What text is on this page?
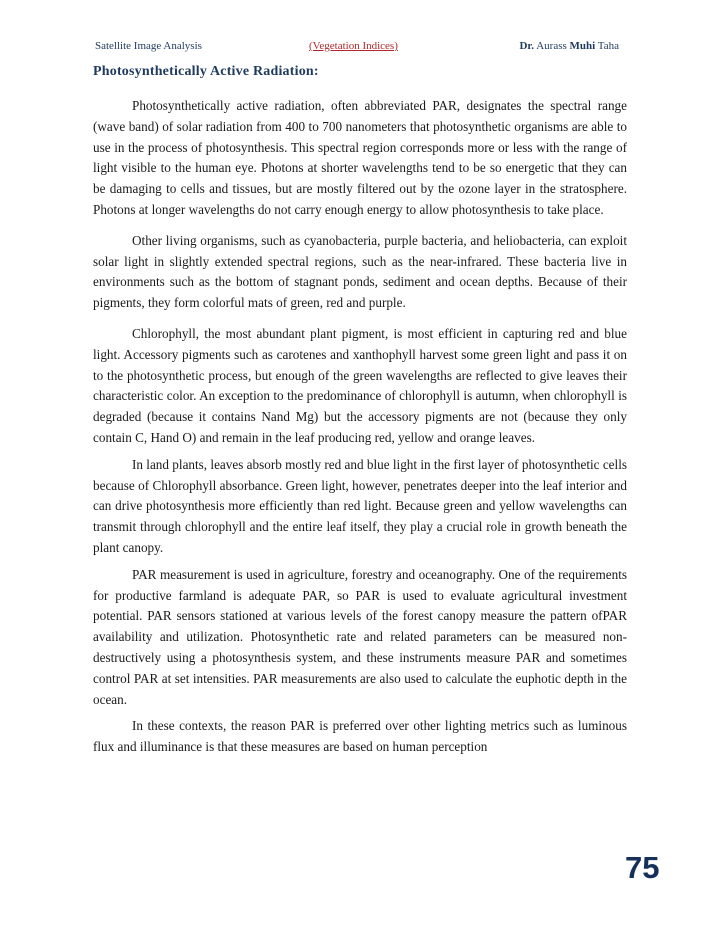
Satellite Image Analysis	(Vegetation Indices)	Dr. Aurass Muhi Taha
Photosynthetically Active Radiation:

Photosynthetically active radiation, often abbreviated PAR, designates the spectral range (wave band) of solar radiation from 400 to 700 nanometers that photosynthetic organisms are able to use in the process of photosynthesis. This spectral region corresponds more or less with the range of light visible to the human eye. Photons at shorter wavelengths tend to be so energetic that they can be damaging to cells and tissues, but are mostly filtered out by the ozone layer in the stratosphere. Photons at longer wavelengths do not carry enough energy to allow photosynthesis to take place.

Other living organisms, such as cyanobacteria, purple bacteria, and heliobacteria, can exploit solar light in slightly extended spectral regions, such as the near-infrared. These bacteria live in environments such as the bottom of stagnant ponds, sediment and ocean depths. Because of their pigments, they form colorful mats of green, red and purple.

Chlorophyll, the most abundant plant pigment, is most efficient in capturing red and blue light. Accessory pigments such as carotenes and xanthophyll harvest some green light and pass it on to the photosynthetic process, but enough of the green wavelengths are reflected to give leaves their characteristic color. An exception to the predominance of chlorophyll is autumn, when chlorophyll is degraded (because it contains Nand Mg) but the accessory pigments are not (because they only contain C, Hand O) and remain in the leaf producing red, yellow and orange leaves.

In land plants, leaves absorb mostly red and blue light in the first layer of photosynthetic cells because of Chlorophyll absorbance. Green light, however, penetrates deeper into the leaf interior and can drive photosynthesis more efficiently than red light. Because green and yellow wavelengths can transmit through chlorophyll and the entire leaf itself, they play a crucial role in growth beneath the plant canopy.

PAR measurement is used in agriculture, forestry and oceanography. One of the requirements for productive farmland is adequate PAR, so PAR is used to evaluate agricultural investment potential. PAR sensors stationed at various levels of the forest canopy measure the pattern ofPAR availability and utilization. Photosynthetic rate and related parameters can be measured non-destructively using a photosynthesis system, and these instruments measure PAR and sometimes control PAR at set intensities. PAR measurements are also used to calculate the euphotic depth in the ocean.

In these contexts, the reason PAR is preferred over other lighting metrics such as luminous flux and illuminance is that these measures are based on human perception

75
